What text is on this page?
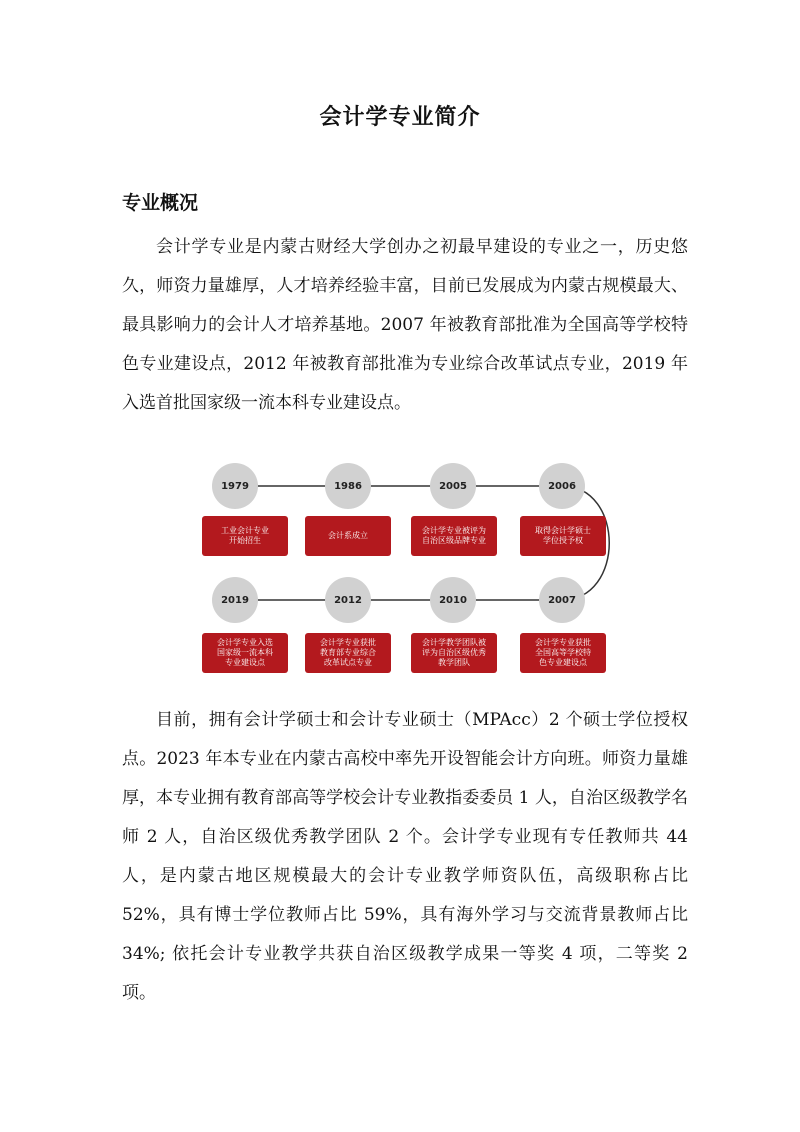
会计学专业简介
专业概况

会计学专业是内蒙古财经大学创办之初最早建设的专业之一，历史悠久，师资力量雄厚，人才培养经验丰富，目前已发展成为内蒙古规模最大、最具影响力的会计人才培养基地。2007 年被教育部批准为全国高等学校特色专业建设点，2012 年被教育部批准为专业综合改革试点专业，2019 年入选首批国家级一流本科专业建设点。

1979	1986	2005	2006
工业会计专业
开始招生
会计系成立
会计学专业被评为
自治区级品牌专业
取得会计学硕士
学位授予权
2019	2012	2010	2007
会计学专业入选
国家级一流本科
专业建设点
会计学专业获批
教育部专业综合
改革试点专业
会计学教学团队被
评为自治区级优秀
教学团队
会计学专业获批
全国高等学校特
色专业建设点

目前，拥有会计学硕士和会计专业硕士（MPAcc）2 个硕士学位授权点。2023 年本专业在内蒙古高校中率先开设智能会计方向班。师资力量雄厚，本专业拥有教育部高等学校会计专业教指委委员 1 人，自治区级教学名师 2 人，自治区级优秀教学团队 2 个。会计学专业现有专任教师共 44 人，是内蒙古地区规模最大的会计专业教学师资队伍，高级职称占比 52%，具有博士学位教师占比 59%，具有海外学习与交流背景教师占比 34%; 依托会计专业教学共获自治区级教学成果一等奖 4 项，二等奖 2 项。
